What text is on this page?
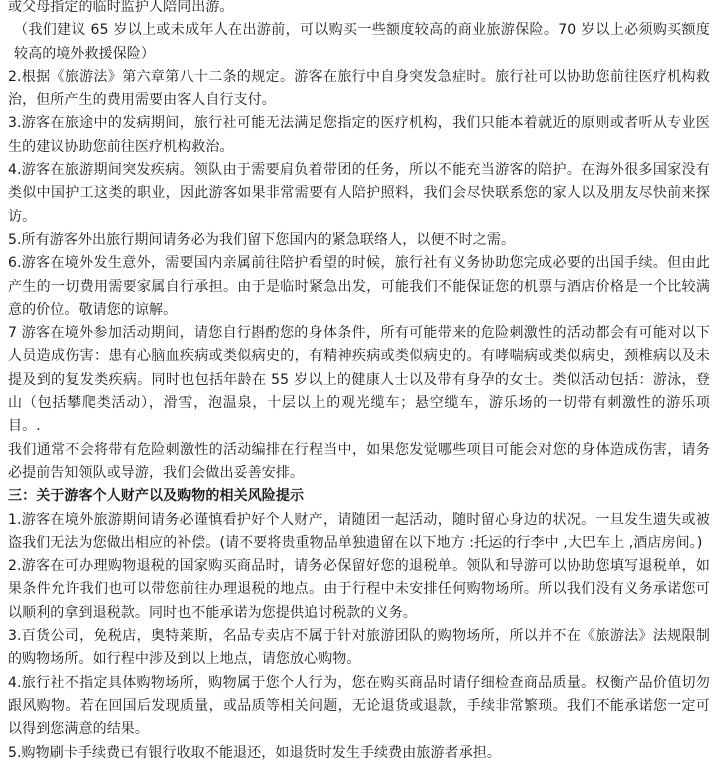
或父母指定的临时监护人陪同出游。

（我们建议 65 岁以上或未成年人在出游前，可以购买一些额度较高的商业旅游保险。70 岁以上必须购买额度较高的境外救援保险）

2.根据《旅游法》第六章第八十二条的规定。游客在旅行中自身突发急症时。旅行社可以协助您前往医疗机构救治，但所产生的费用需要由客人自行支付。

3.游客在旅途中的发病期间，旅行社可能无法满足您指定的医疗机构，我们只能本着就近的原则或者听从专业医生的建议协助您前往医疗机构救治。

4.游客在旅游期间突发疾病。领队由于需要肩负着带团的任务，所以不能充当游客的陪护。在海外很多国家没有类似中国护工这类的职业，因此游客如果非常需要有人陪护照料，我们会尽快联系您的家人以及朋友尽快前来探访。

5.所有游客外出旅行期间请务必为我们留下您国内的紧急联络人，以便不时之需。

6.游客在境外发生意外，需要国内亲属前往陪护看望的时候，旅行社有义务协助您完成必要的出国手续。但由此产生的一切费用需要家属自行承担。由于是临时紧急出发，可能我们不能保证您的机票与酒店价格是一个比较满意的价位。敬请您的谅解。

7 游客在境外参加活动期间，请您自行斟酌您的身体条件，所有可能带来的危险刺激性的活动都会有可能对以下人员造成伤害：患有心脑血疾病或类似病史的，有精神疾病或类似病史的。有哮喘病或类似病史，颈椎病以及未提及到的复发类疾病。同时也包括年龄在 55 岁以上的健康人士以及带有身孕的女士。类似活动包括：游泳，登山（包括攀爬类活动），滑雪，泡温泉，十层以上的观光缆车；悬空缆车，游乐场的一切带有刺激性的游乐项目。.

我们通常不会将带有危险刺激性的活动编排在行程当中，如果您发觉哪些项目可能会对您的身体造成伤害，请务必提前告知领队或导游，我们会做出妥善安排。

三：关于游客个人财产以及购物的相关风险提示

1.游客在境外旅游期间请务必谨慎看护好个人财产，请随团一起活动，随时留心身边的状况。一旦发生遗失或被盗我们无法为您做出相应的补偿。(请不要将贵重物品单独遗留在以下地方 :托运的行李中 ,大巴车上 ,酒店房间。)

2.游客在可办理购物退税的国家购买商品时，请务必保留好您的退税单。领队和导游可以协助您填写退税单，如果条件允许我们也可以带您前往办理退税的地点。由于行程中未安排任何购物场所。所以我们没有义务承诺您可以顺利的拿到退税款。同时也不能承诺为您提供追讨税款的义务。

3.百货公司，免税店，奥特莱斯，名品专卖店不属于针对旅游团队的购物场所，所以并不在《旅游法》法规限制的购物场所。如行程中涉及到以上地点，请您放心购物。

4.旅行社不指定具体购物场所，购物属于您个人行为，您在购买商品时请仔细检查商品质量。权衡产品价值切勿跟风购物。若在回国后发现质量，或品质等相关问题，无论退货或退款，手续非常繁琐。我们不能承诺您一定可以得到您满意的结果。

5.购物刷卡手续费已有银行收取不能退还，如退货时发生手续费由旅游者承担。
